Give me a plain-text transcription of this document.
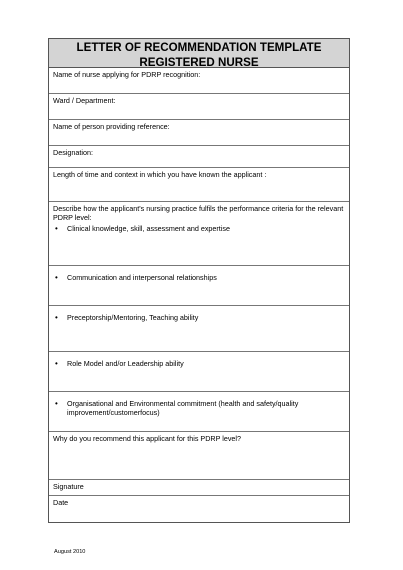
LETTER OF RECOMMENDATION TEMPLATE
REGISTERED NURSE
Name of nurse applying for PDRP recognition:
Ward / Department:
Name of person providing reference:
Designation:
Length of time and context in which you have known the applicant :
Describe how the applicant's nursing practice fulfils the performance criteria for the relevant PDRP level:
•	Clinical knowledge, skill, assessment and expertise
•	Communication and interpersonal relationships
•	Preceptorship/Mentoring, Teaching ability
•	Role Model and/or Leadership ability
•	Organisational and Environmental commitment (health and safety/quality improvement/customerfocus)
Why do you recommend this applicant for this PDRP level?
Signature
Date
August 2010
